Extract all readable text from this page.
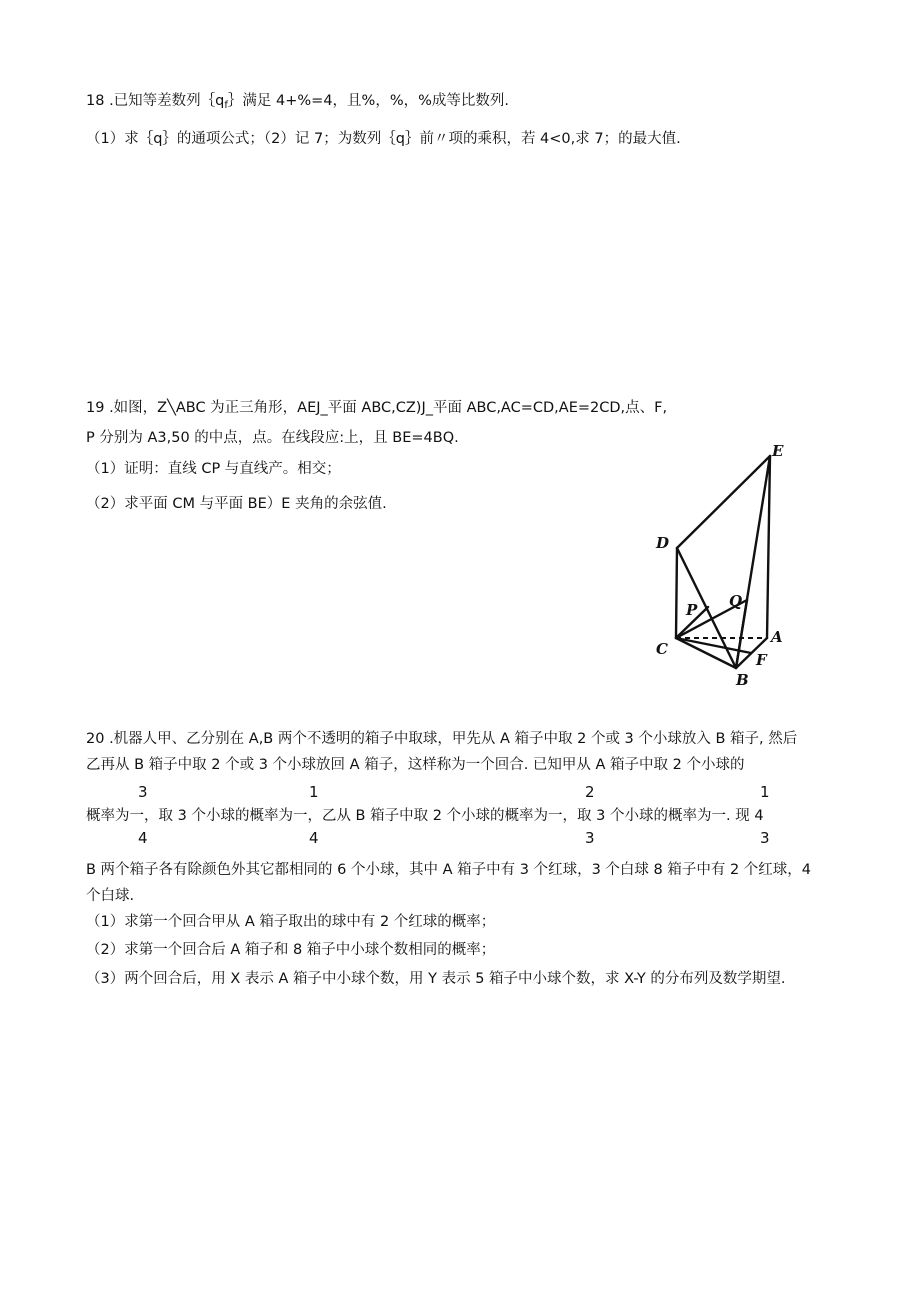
18 .已知等差数列$\{q_f\}$满足 4+%=4，且%，%，%成等比数列.
（1）求｛q｝的通项公式；（2）记 7；为数列｛q｝前〃项的乘积，若 4<0,求 7；的最大值.
19 .如图，Z╲ABC 为正三角形，AEJ_平面 ABC,CZ)J_平面 ABC,AC=CD,AE=2CD,点、F,
P 分别为 A3,50 的中点，点。在线段应:上，且 BE=4BQ.
（1）证明：直线 CP 与直线产。相交；
（2）求平面 CM 与平面 BE）E 夹角的余弦值.
E
D
P Q
C
A
F
B
20 .机器人甲、乙分别在 A,B 两个不透明的箱子中取球，甲先从 A 箱子中取 2 个或 3 个小球放入 B 箱子, 然后
乙再从 B 箱子中取 2 个或 3 个小球放回 A 箱子，这样称为一个回合. 已知甲从 A 箱子中取 2 个小球的
3	1	2	1
概率为一，取 3 个小球的概率为一，乙从 B 箱子中取 2 个小球的概率为一，取 3 个小球的概率为一. 现 4
4	4	3	3
B 两个箱子各有除颜色外其它都相同的 6 个小球，其中 A 箱子中有 3 个红球，3 个白球 8 箱子中有 2 个红球，4
个白球.
（1）求第一个回合甲从 A 箱子取出的球中有 2 个红球的概率；
（2）求第一个回合后 A 箱子和 8 箱子中小球个数相同的概率；
（3）两个回合后，用 X 表示 A 箱子中小球个数，用 Y 表示 5 箱子中小球个数，求 X-Y 的分布列及数学期望.
